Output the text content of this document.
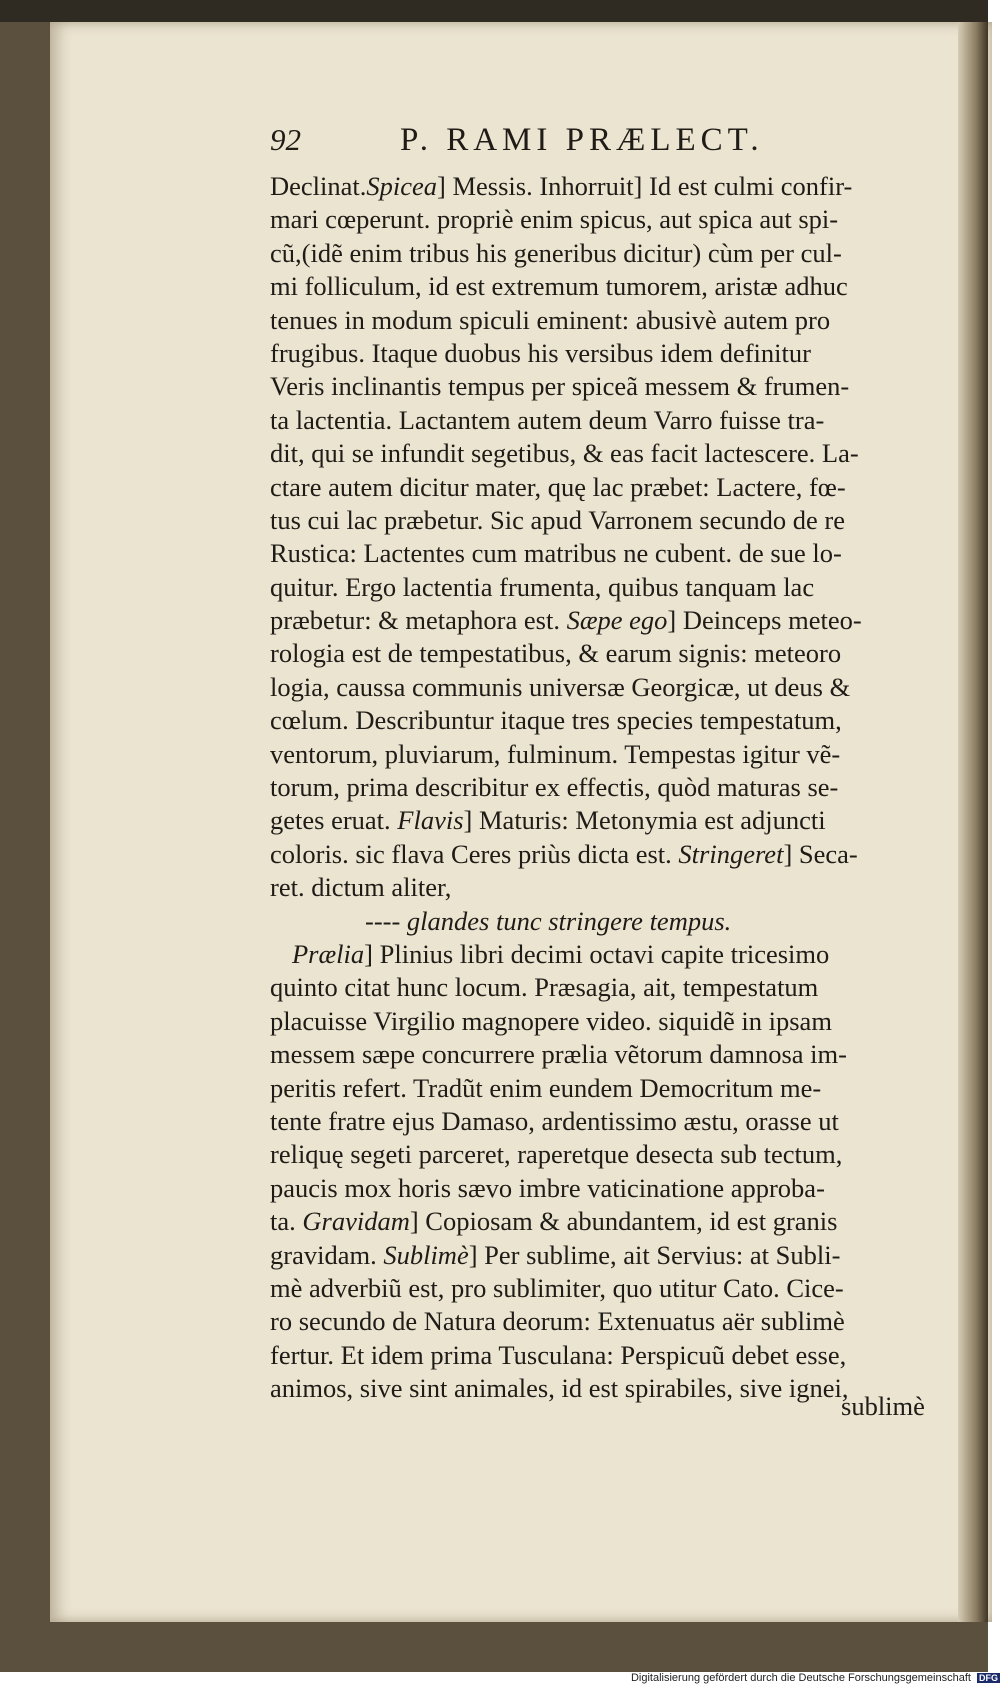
92	P. RAMI PRÆLECT.
Declinat.Spicea] Messis. Inhorruit] Id est culmi confir-
mari cœperunt. propriè enim spicus, aut spica aut spi-
cũ,(idẽ enim tribus his generibus dicitur) cùm per cul-
mi folliculum, id est extremum tumorem, aristæ adhuc
tenues in modum spiculi eminent: abusivè autem pro
frugibus. Itaque duobus his versibus idem definitur
Veris inclinantis tempus per spiceã messem & frumen-
ta lactentia. Lactantem autem deum Varro fuisse tra-
dit, qui se infundit segetibus, & eas facit lactescere. La-
ctare autem dicitur mater, quę lac præbet: Lactere, fœ-
tus cui lac præbetur. Sic apud Varronem secundo de re
Rustica: Lactentes cum matribus ne cubent. de sue lo-
quitur. Ergo lactentia frumenta, quibus tanquam lac
præbetur: & metaphora est. Sæpe ego] Deinceps meteo-
rologia est de tempestatibus, & earum signis: meteoro
logia, caussa communis universæ Georgicæ, ut deus &
cœlum. Describuntur itaque tres species tempestatum,
ventorum, pluviarum, fulminum. Tempestas igitur vẽ-
torum, prima describitur ex effectis, quòd maturas se-
getes eruat. Flavis] Maturis: Metonymia est adjuncti
coloris. sic flava Ceres priùs dicta est. Stringeret] Seca-
ret. dictum aliter,
---- glandes tunc stringere tempus.
Prælia] Plinius libri decimi octavi capite tricesimo
quinto citat hunc locum. Præsagia, ait, tempestatum
placuisse Virgilio magnopere video. siquidẽ in ipsam
messem sæpe concurrere prælia vẽtorum damnosa im-
peritis refert. Tradũt enim eundem Democritum me-
tente fratre ejus Damaso, ardentissimo æstu, orasse ut
reliquę segeti parceret, raperetque desecta sub tectum,
paucis mox horis sævo imbre vaticinatione approba-
ta. Gravidam] Copiosam & abundantem, id est granis
gravidam. Sublimè] Per sublime, ait Servius: at Subli-
mè adverbiũ est, pro sublimiter, quo utitur Cato. Cice-
ro secundo de Natura deorum: Extenuatus aër sublimè
fertur. Et idem prima Tusculana: Perspicuũ debet esse,
animos, sive sint animales, id est spirabiles, sive ignei,
sublimè
Digitalisierung gefördert durch die Deutsche Forschungsgemeinschaft DFG
